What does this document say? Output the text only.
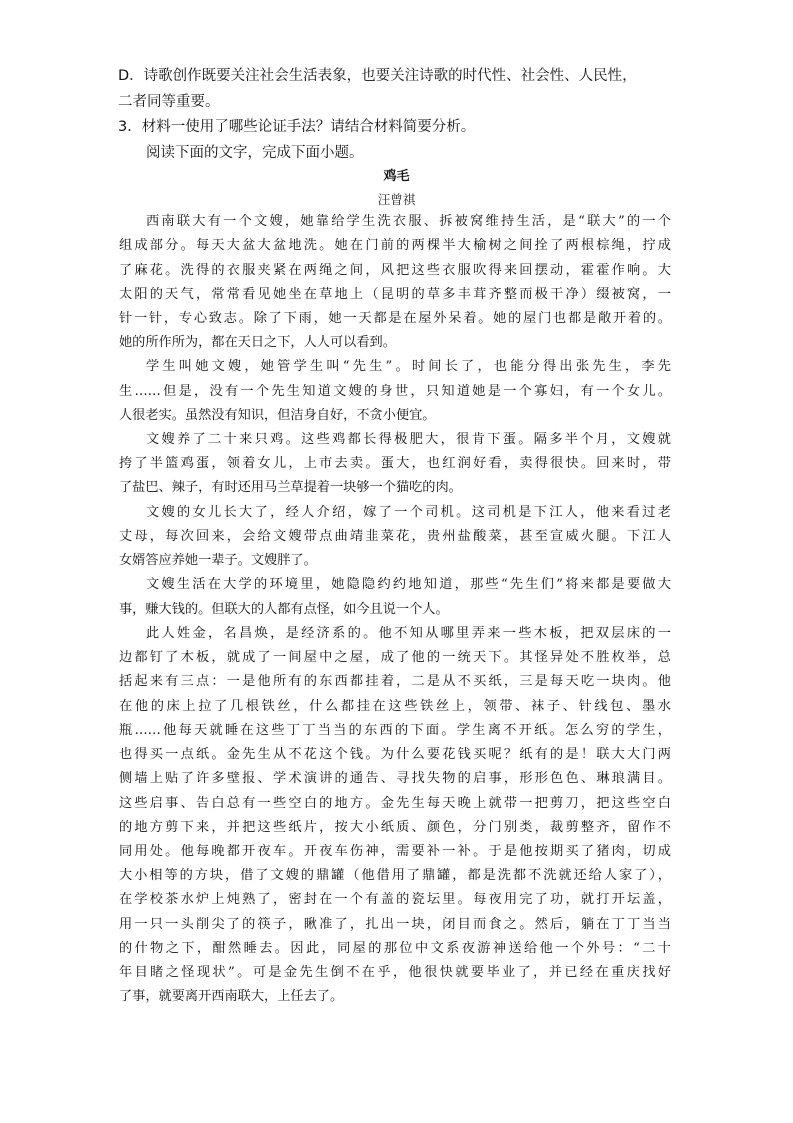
D．诗歌创作既要关注社会生活表象，也要关注诗歌的时代性、社会性、人民性，
二者同等重要。
3．材料一使用了哪些论证手法？请结合材料简要分析。
阅读下面的文字，完成下面小题。
鸡毛
汪曾祺
西南联大有一个文嫂，她靠给学生洗衣服、拆被窝维持生活，是“联大”的一个
组成部分。每天大盆大盆地洗。她在门前的两棵半大榆树之间拴了两根棕绳，拧成
了麻花。洗得的衣服夹紧在两绳之间，风把这些衣服吹得来回摆动，霍霍作响。大
太阳的天气，常常看见她坐在草地上（昆明的草多丰茸齐整而极干净）缀被窝，一
针一针，专心致志。除了下雨，她一天都是在屋外呆着。她的屋门也都是敞开着的。
她的所作所为，都在天日之下，人人可以看到。
学生叫她文嫂，她管学生叫“先生”。时间长了，也能分得出张先生，李先
生……但是，没有一个先生知道文嫂的身世，只知道她是一个寡妇，有一个女儿。
人很老实。虽然没有知识，但洁身自好，不贪小便宜。
文嫂养了二十来只鸡。这些鸡都长得极肥大，很肯下蛋。隔多半个月，文嫂就
挎了半篮鸡蛋，领着女儿，上市去卖。蛋大，也红润好看，卖得很快。回来时，带
了盐巴、辣子，有时还用马兰草提着一块够一个猫吃的肉。
文嫂的女儿长大了，经人介绍，嫁了一个司机。这司机是下江人，他来看过老
丈母，每次回来，会给文嫂带点曲靖韭菜花，贵州盐酸菜，甚至宣威火腿。下江人
女婿答应养她一辈子。文嫂胖了。
文嫂生活在大学的环境里，她隐隐约约地知道，那些“先生们”将来都是要做大
事，赚大钱的。但联大的人都有点怪，如今且说一个人。
此人姓金，名昌焕，是经济系的。他不知从哪里弄来一些木板，把双层床的一
边都钉了木板，就成了一间屋中之屋，成了他的一统天下。其怪异处不胜枚举，总
括起来有三点：一是他所有的东西都挂着，二是从不买纸，三是每天吃一块肉。他
在他的床上拉了几根铁丝，什么都挂在这些铁丝上，领带、袜子、针线包、墨水
瓶……他每天就睡在这些丁丁当当的东西的下面。学生离不开纸。怎么穷的学生，
也得买一点纸。金先生从不花这个钱。为什么要花钱买呢？纸有的是！联大大门两
侧墙上贴了许多壁报、学术演讲的通告、寻找失物的启事，形形色色、琳琅满目。
这些启事、告白总有一些空白的地方。金先生每天晚上就带一把剪刀，把这些空白
的地方剪下来，并把这些纸片，按大小纸质、颜色，分门别类，裁剪整齐，留作不
同用处。他每晚都开夜车。开夜车伤神，需要补一补。于是他按期买了猪肉，切成
大小相等的方块，借了文嫂的鼎罐（他借用了鼎罐，都是洗都不洗就还给人家了），
在学校茶水炉上炖熟了，密封在一个有盖的瓷坛里。每夜用完了功，就打开坛盖，
用一只一头削尖了的筷子，瞅准了，扎出一块，闭目而食之。然后，躺在丁丁当当
的什物之下，酣然睡去。因此，同屋的那位中文系夜游神送给他一个外号：“二十
年目睹之怪现状”。可是金先生倒不在乎，他很快就要毕业了，并已经在重庆找好
了事，就要离开西南联大，上任去了。
